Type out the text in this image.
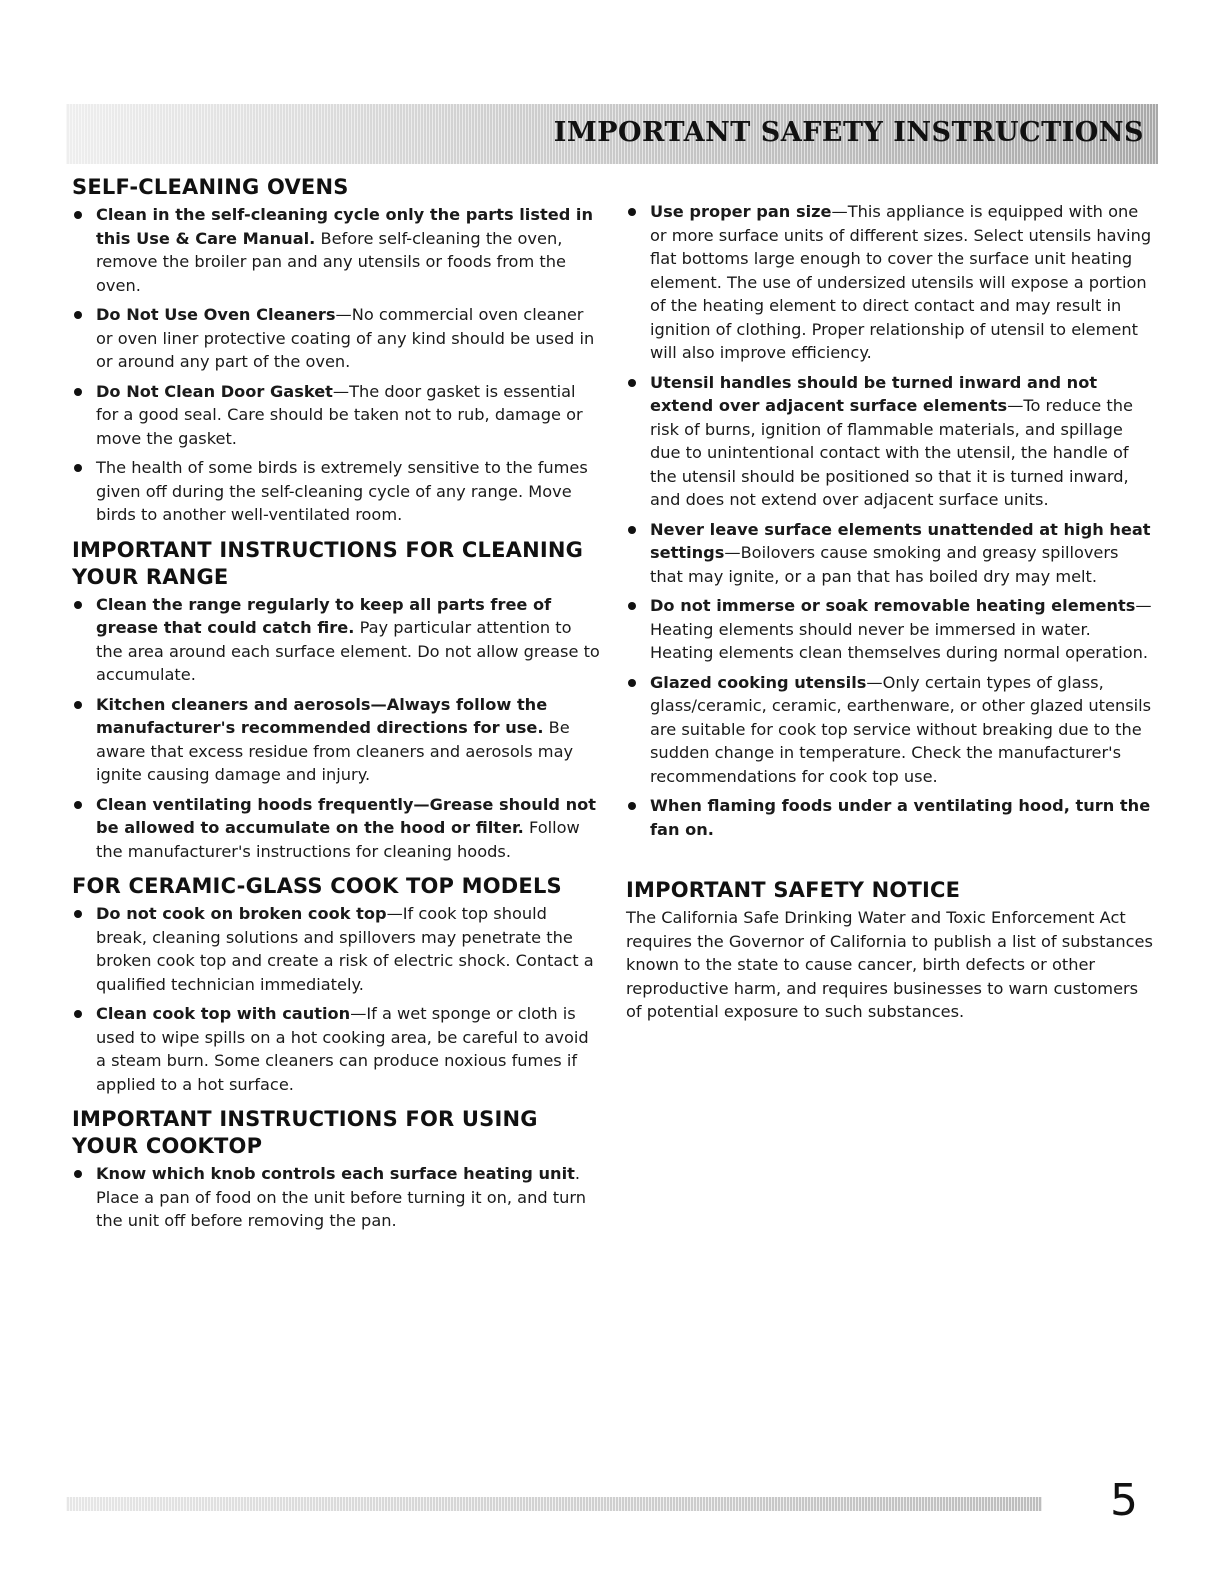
IMPORTANT SAFETY INSTRUCTIONS
SELF-CLEANING OVENS
Clean in the self-cleaning cycle only the parts listed in this Use & Care Manual. Before self-cleaning the oven, remove the broiler pan and any utensils or foods from the oven.
Do Not Use Oven Cleaners—No commercial oven cleaner or oven liner protective coating of any kind should be used in or around any part of the oven.
Do Not Clean Door Gasket—The door gasket is essential for a good seal. Care should be taken not to rub, damage or move the gasket.
The health of some birds is extremely sensitive to the fumes given off during the self-cleaning cycle of any range. Move birds to another well-ventilated room.
IMPORTANT INSTRUCTIONS FOR CLEANING YOUR RANGE
Clean the range regularly to keep all parts free of grease that could catch fire. Pay particular attention to the area around each surface element. Do not allow grease to accumulate.
Kitchen cleaners and aerosols—Always follow the manufacturer's recommended directions for use. Be aware that excess residue from cleaners and aerosols may ignite causing damage and injury.
Clean ventilating hoods frequently—Grease should not be allowed to accumulate on the hood or filter. Follow the manufacturer's instructions for cleaning hoods.
FOR CERAMIC-GLASS COOK TOP MODELS
Do not cook on broken cook top—If cook top should break, cleaning solutions and spillovers may penetrate the broken cook top and create a risk of electric shock. Contact a qualified technician immediately.
Clean cook top with caution—If a wet sponge or cloth is used to wipe spills on a hot cooking area, be careful to avoid a steam burn. Some cleaners can produce noxious fumes if applied to a hot surface.
IMPORTANT INSTRUCTIONS FOR USING YOUR COOKTOP
Know which knob controls each surface heating unit. Place a pan of food on the unit before turning it on, and turn the unit off before removing the pan.
Use proper pan size—This appliance is equipped with one or more surface units of different sizes. Select utensils having flat bottoms large enough to cover the surface unit heating element. The use of undersized utensils will expose a portion of the heating element to direct contact and may result in ignition of clothing. Proper relationship of utensil to element will also improve efficiency.
Utensil handles should be turned inward and not extend over adjacent surface elements—To reduce the risk of burns, ignition of flammable materials, and spillage due to unintentional contact with the utensil, the handle of the utensil should be positioned so that it is turned inward, and does not extend over adjacent surface units.
Never leave surface elements unattended at high heat settings—Boilovers cause smoking and greasy spillovers that may ignite, or a pan that has boiled dry may melt.
Do not immerse or soak removable heating elements—Heating elements should never be immersed in water. Heating elements clean themselves during normal operation.
Glazed cooking utensils—Only certain types of glass, glass/ceramic, ceramic, earthenware, or other glazed utensils are suitable for cook top service without breaking due to the sudden change in temperature. Check the manufacturer's recommendations for cook top use.
When flaming foods under a ventilating hood, turn the fan on.
IMPORTANT SAFETY NOTICE

The California Safe Drinking Water and Toxic Enforcement Act requires the Governor of California to publish a list of substances known to the state to cause cancer, birth defects or other reproductive harm, and requires businesses to warn customers of potential exposure to such substances.

5
